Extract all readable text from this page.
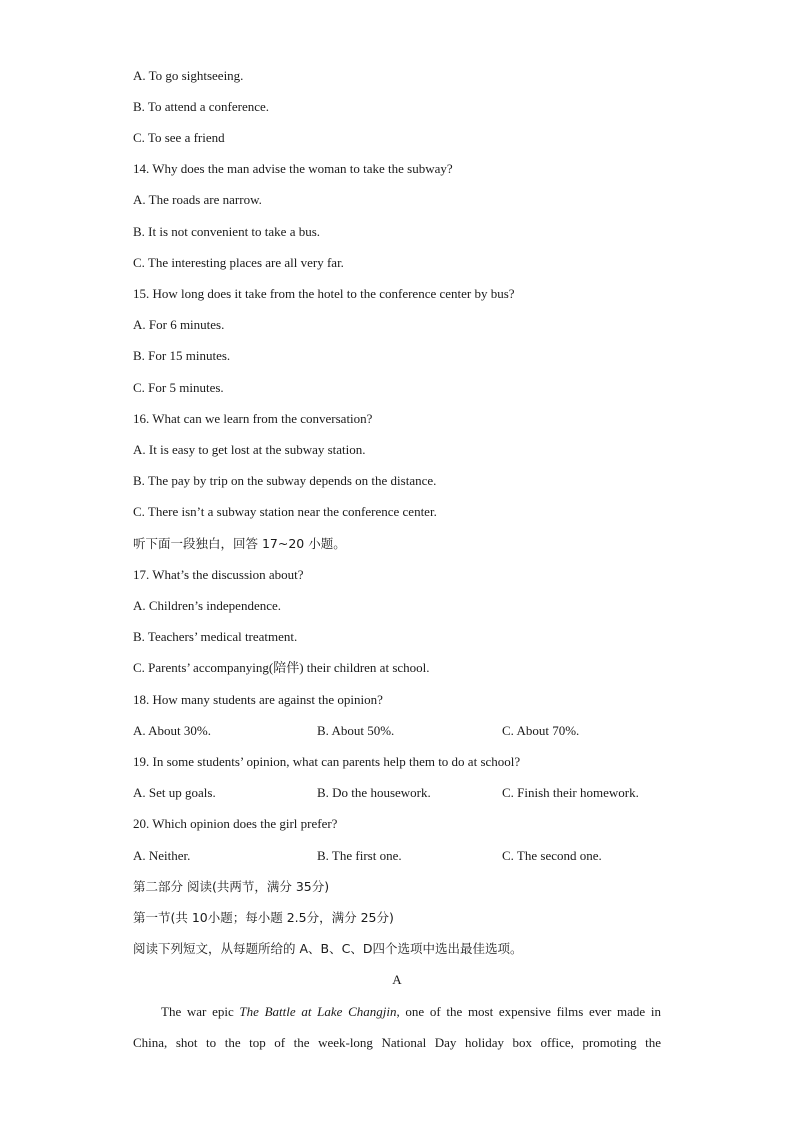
A. To go sightseeing.
B. To attend a conference.
C. To see a friend
14. Why does the man advise the woman to take the subway?
A. The roads are narrow.
B. It is not convenient to take a bus.
C. The interesting places are all very far.
15. How long does it take from the hotel to the conference center by bus?
A. For 6 minutes.
B. For 15 minutes.
C. For 5 minutes.
16. What can we learn from the conversation?
A. It is easy to get lost at the subway station.
B. The pay by trip on the subway depends on the distance.
C. There isn’t a subway station near the conference center.
听下面一段独白，回答 17~20 小题。
17. What’s the discussion about?
A. Children’s independence.
B. Teachers’ medical treatment.
C. Parents’ accompanying(陪伴) their children at school.
18. How many students are against the opinion?
A. About 30%.	B. About 50%.	C. About 70%.
19. In some students’ opinion, what can parents help them to do at school?
A. Set up goals.	B. Do the housework.	C. Finish their homework.
20. Which opinion does the girl prefer?
A. Neither.	B. The first one.	C. The second one.
第二部分 阅读(共两节，满分 35分)
第一节(共 10小题；每小题 2.5分，满分 25分)
阅读下列短文，从每题所给的 A、B、C、D四个选项中选出最佳选项。
A
The war epic The Battle at Lake Changjin, one of the most expensive films ever made in
China, shot to the top of the week-long National Day holiday box office, promoting the
